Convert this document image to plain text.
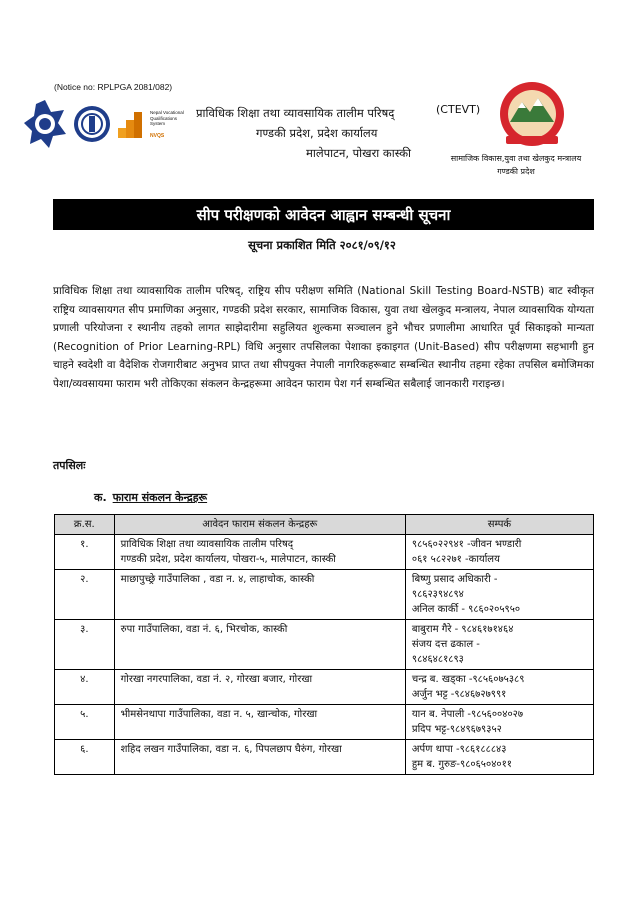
(Notice no: RPLPGA 2081/082)
Nepal Vocational Qualifications System
NVQS
प्राविधिक शिक्षा तथा व्यावसायिक तालीम परिषद्
गण्डकी प्रदेश, प्रदेश कार्यालय
मालेपाटन, पोखरा कास्की
(CTEVT)
सामाजिक विकास,युवा तथा खेलकुद मन्त्रालय
गण्डकी प्रदेश
सीप परीक्षणको आवेदन आह्वान सम्बन्धी सूचना
सूचना प्रकाशित मिति २०८१/०९/१२
प्राविधिक शिक्षा तथा व्यावसायिक तालीम परिषद्, राष्ट्रिय सीप परीक्षण समिति (National Skill Testing Board-NSTB) बाट स्वीकृत राष्ट्रिय व्यावसायगत सीप प्रमाणिका अनुसार, गण्डकी प्रदेश सरकार, सामाजिक विकास, युवा तथा खेलकुद मन्त्रालय, नेपाल व्यावसायिक योग्यता प्रणाली परियोजना र स्थानीय तहको लागत साझेदारीमा सहुलियत शुल्कमा सञ्चालन हुने भौचर प्रणालीमा आधारित पूर्व सिकाइको मान्यता (Recognition of Prior Learning-RPL) विधि अनुसार तपसिलका पेशाका इकाइगत (Unit-Based) सीप परीक्षणमा सहभागी हुन चाहने स्वदेशी वा वैदेशिक रोजगारीबाट अनुभव प्राप्त तथा सीपयुक्त नेपाली नागरिकहरूबाट सम्बन्धित स्थानीय तहमा रहेका तपसिल बमोजिमका पेशा/व्यवसायमा फाराम भरी तोकिएका संकलन केन्द्रहरूमा आवेदन फाराम पेश गर्न सम्बन्धित सबैलाई जानकारी गराइन्छ।
तपसिलः
क. फाराम संकलन केन्द्रहरू
क्र.स.	आवेदन फाराम संकलन केन्द्रहरू	सम्पर्क
१.	प्राविधिक शिक्षा तथा व्यावसायिक तालीम परिषद्
गण्डकी प्रदेश, प्रदेश कार्यालय, पोखरा-५, मालेपाटन, कास्की	९८५६०२२९४१ -जीवन भण्डारी
०६१ ५८२२७१ -कार्यालय

२.	माछापुच्छ्रे गाउँपालिका , वडा न. ४, लाहाचोक, कास्की	बिष्णु प्रसाद अधिकारी -
९८६२३९४८९४
अनिल कार्की - ९८६०२०५९५०

३.	रुपा गाउँपालिका, वडा नं. ६, भिरचोक, कास्की	बाबुराम गैरे - ९८४६१७१४६४
संजय दत्त ढकाल -
९८४६४८१८९३

४.	गोरखा नगरपालिका, वडा नं. २, गोरखा बजार, गोरखा	चन्द्र ब. खड्का -९८५६०७५३८९
अर्जुन भट्ट -९८४६७२७९९१

५.	भीमसेनथापा गाउँपालिका, वडा न. ५, खान्चोक, गोरखा	यान ब. नेपाली -९८५६००४०२७
प्रदिप भट्ट-९८४९६७९३५२

६.	शहिद लखन गाउँपालिका, वडा न. ६, पिपलछाप घैरुंग, गोरखा	अर्पण थापा -९८६१८८८४३
हुम ब. गुरुङ-९८०६५०४०११
